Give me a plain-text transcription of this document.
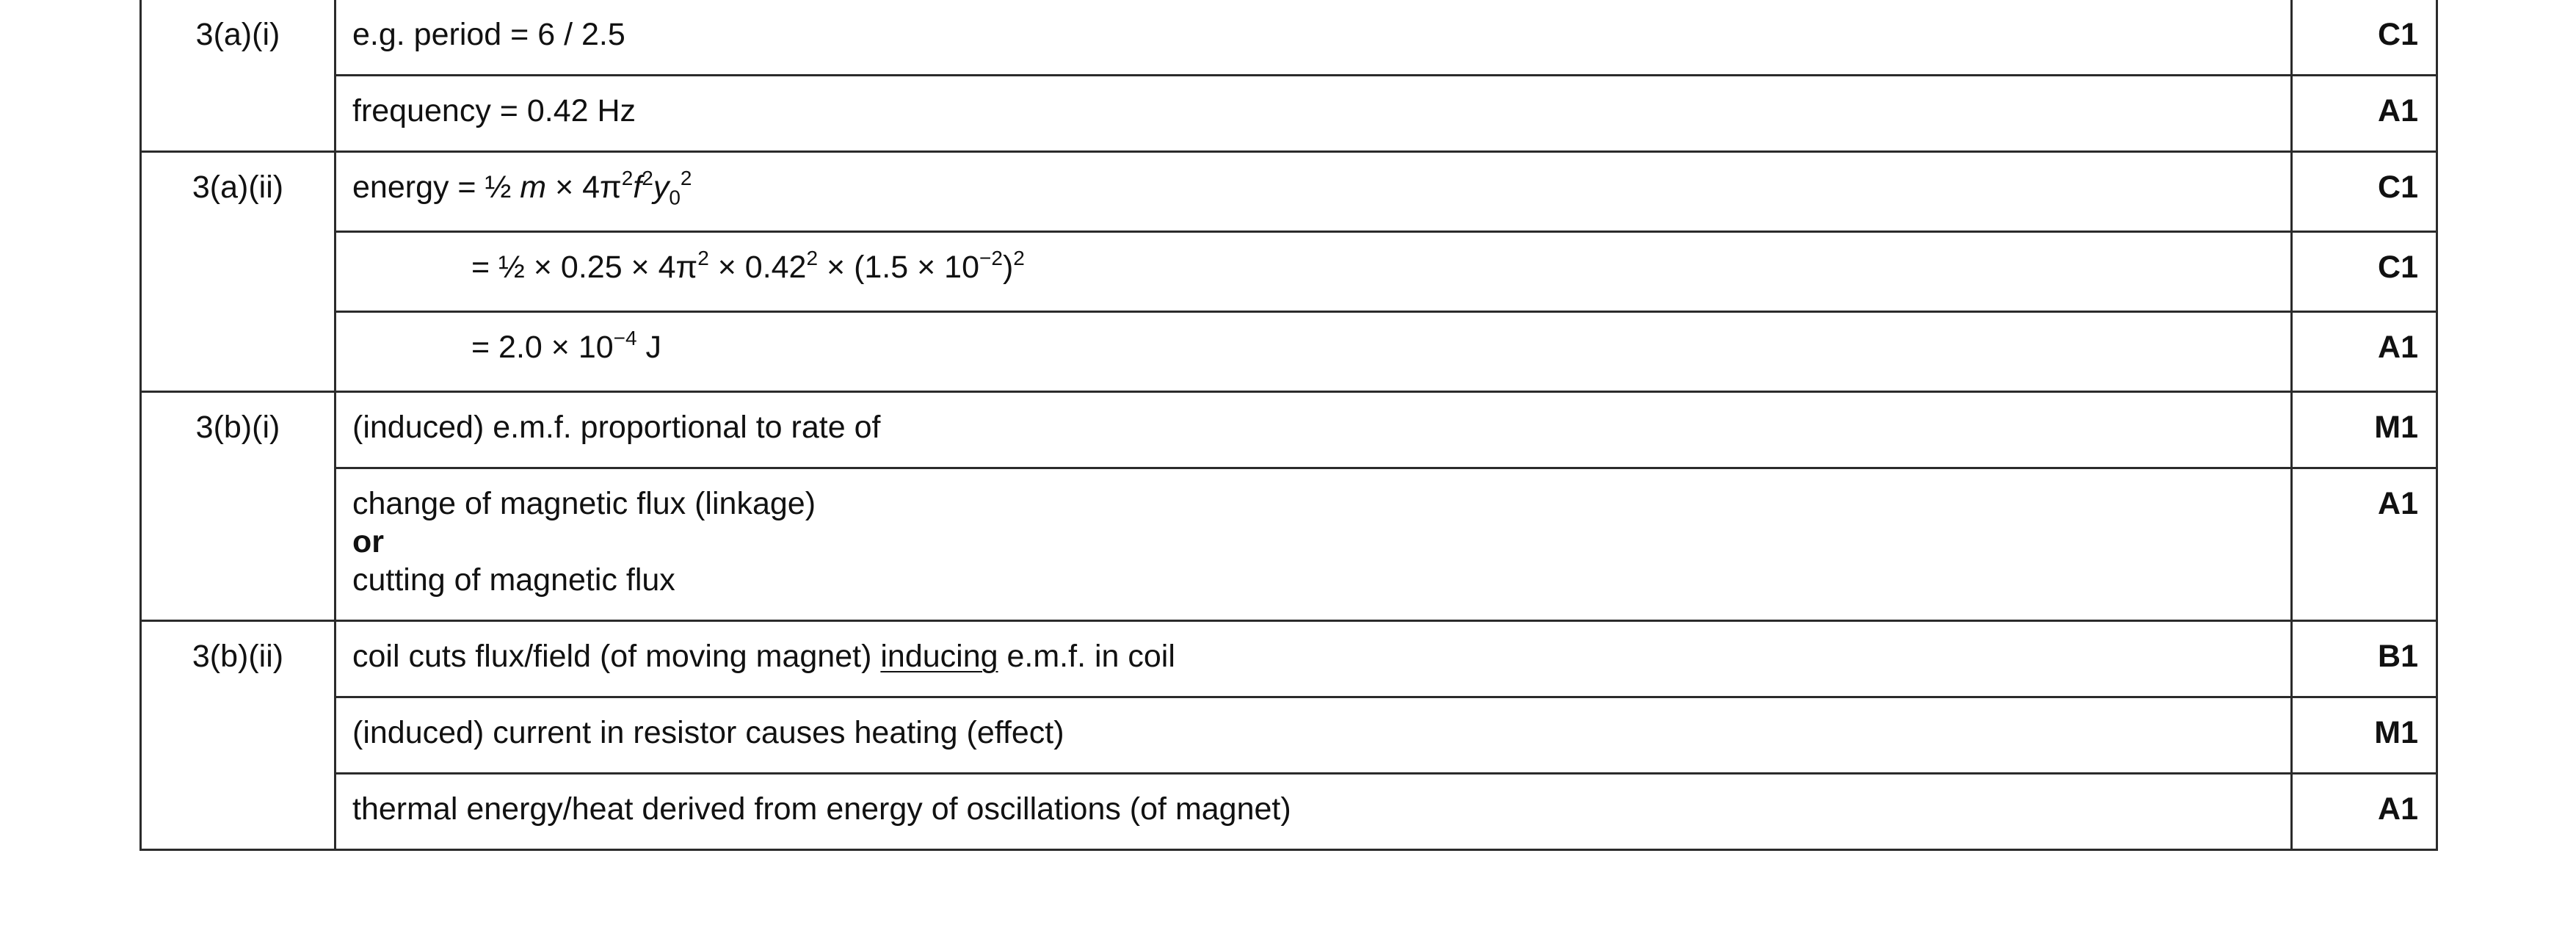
3(a)(i)	e.g. period = 6 / 2.5	C1

	frequency = 0.42 Hz	A1

3(a)(ii)	energy = ½ $m \times 4\pi^2f^2y_0^2$	C1

	= ½ × $0.25 \times 4\pi^2 \times 0.42^2 \times (1.5 \times 10^{-2})^2$	C1

	= $2.0 \times 10^{-4}$ J	A1

3(b)(i)	(induced) e.m.f. proportional to rate of	M1

	change of magnetic flux (linkage)
or
cutting of magnetic flux	A1

3(b)(ii)	coil cuts flux/field (of moving magnet) inducing e.m.f. in coil	B1

	(induced) current in resistor causes heating (effect)	M1

	thermal energy/heat derived from energy of oscillations (of magnet)	A1
